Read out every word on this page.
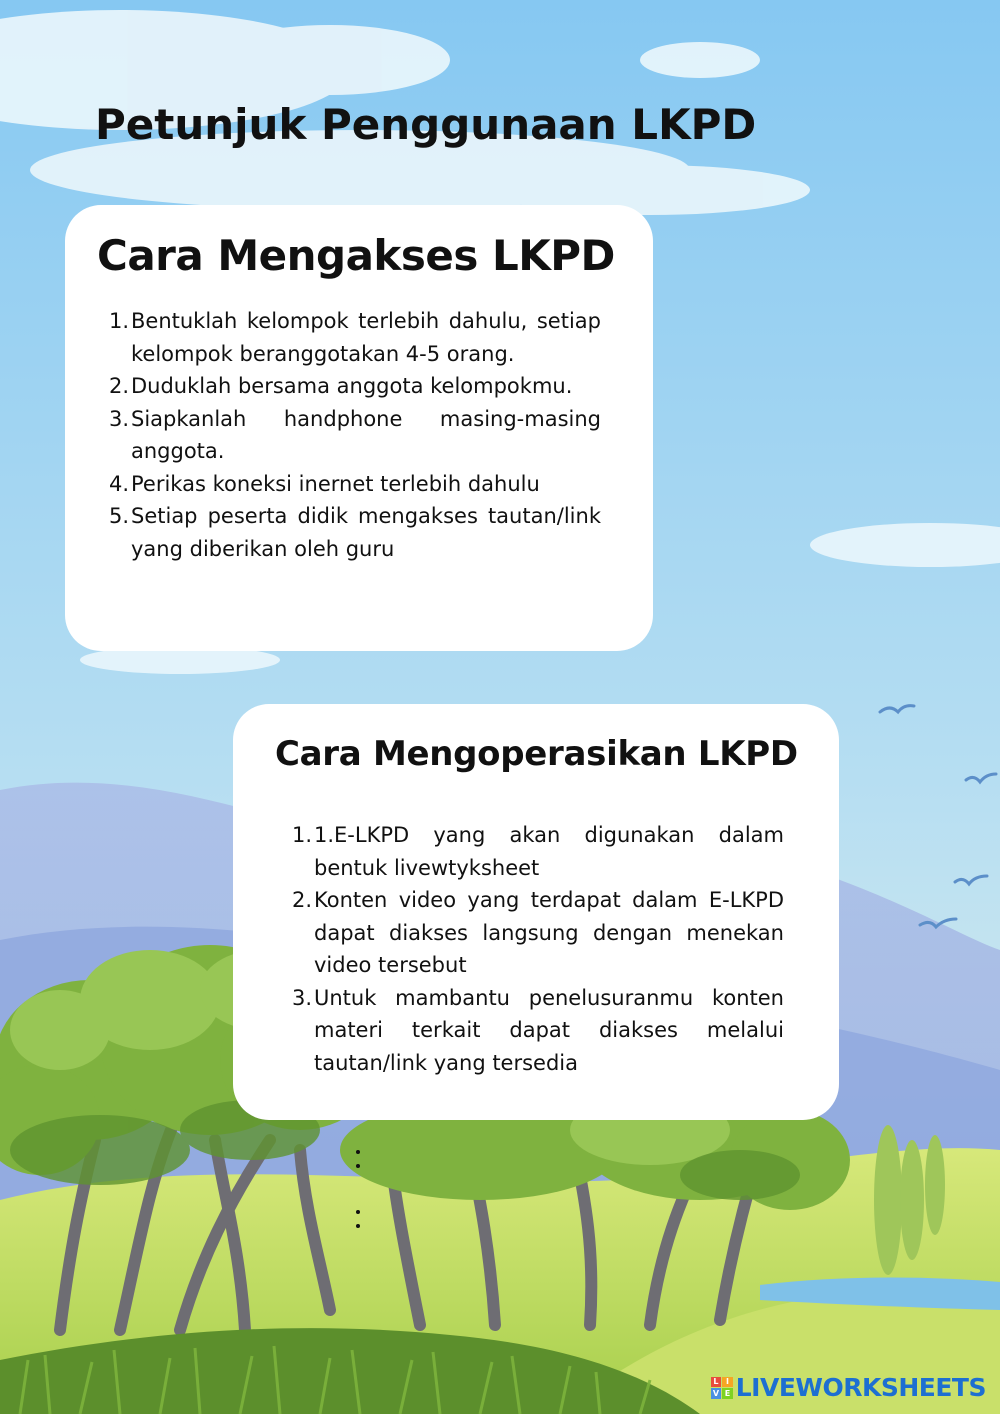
Petunjuk Penggunaan LKPD
Cara Mengakses LKPD
1. Bentuklah kelompok terlebih dahulu, setiap kelompok beranggotakan 4-5 orang.
2. Duduklah bersama anggota kelompokmu.
3. Siapkanlah handphone masing-masing anggota.
4. Perikas koneksi inernet terlebih dahulu
5. Setiap peserta didik mengakses tautan/link yang diberikan oleh guru
Cara Mengoperasikan LKPD
1. 1.E-LKPD yang akan digunakan dalam bentuk livewtyksheet
2. Konten video yang terdapat dalam E-LKPD dapat diakses langsung dengan menekan video tersebut
3. Untuk mambantu penelusuranmu konten materi terkait dapat diakses melalui tautan/link yang tersedia
L I
V E LIVEWORKSHEETS
